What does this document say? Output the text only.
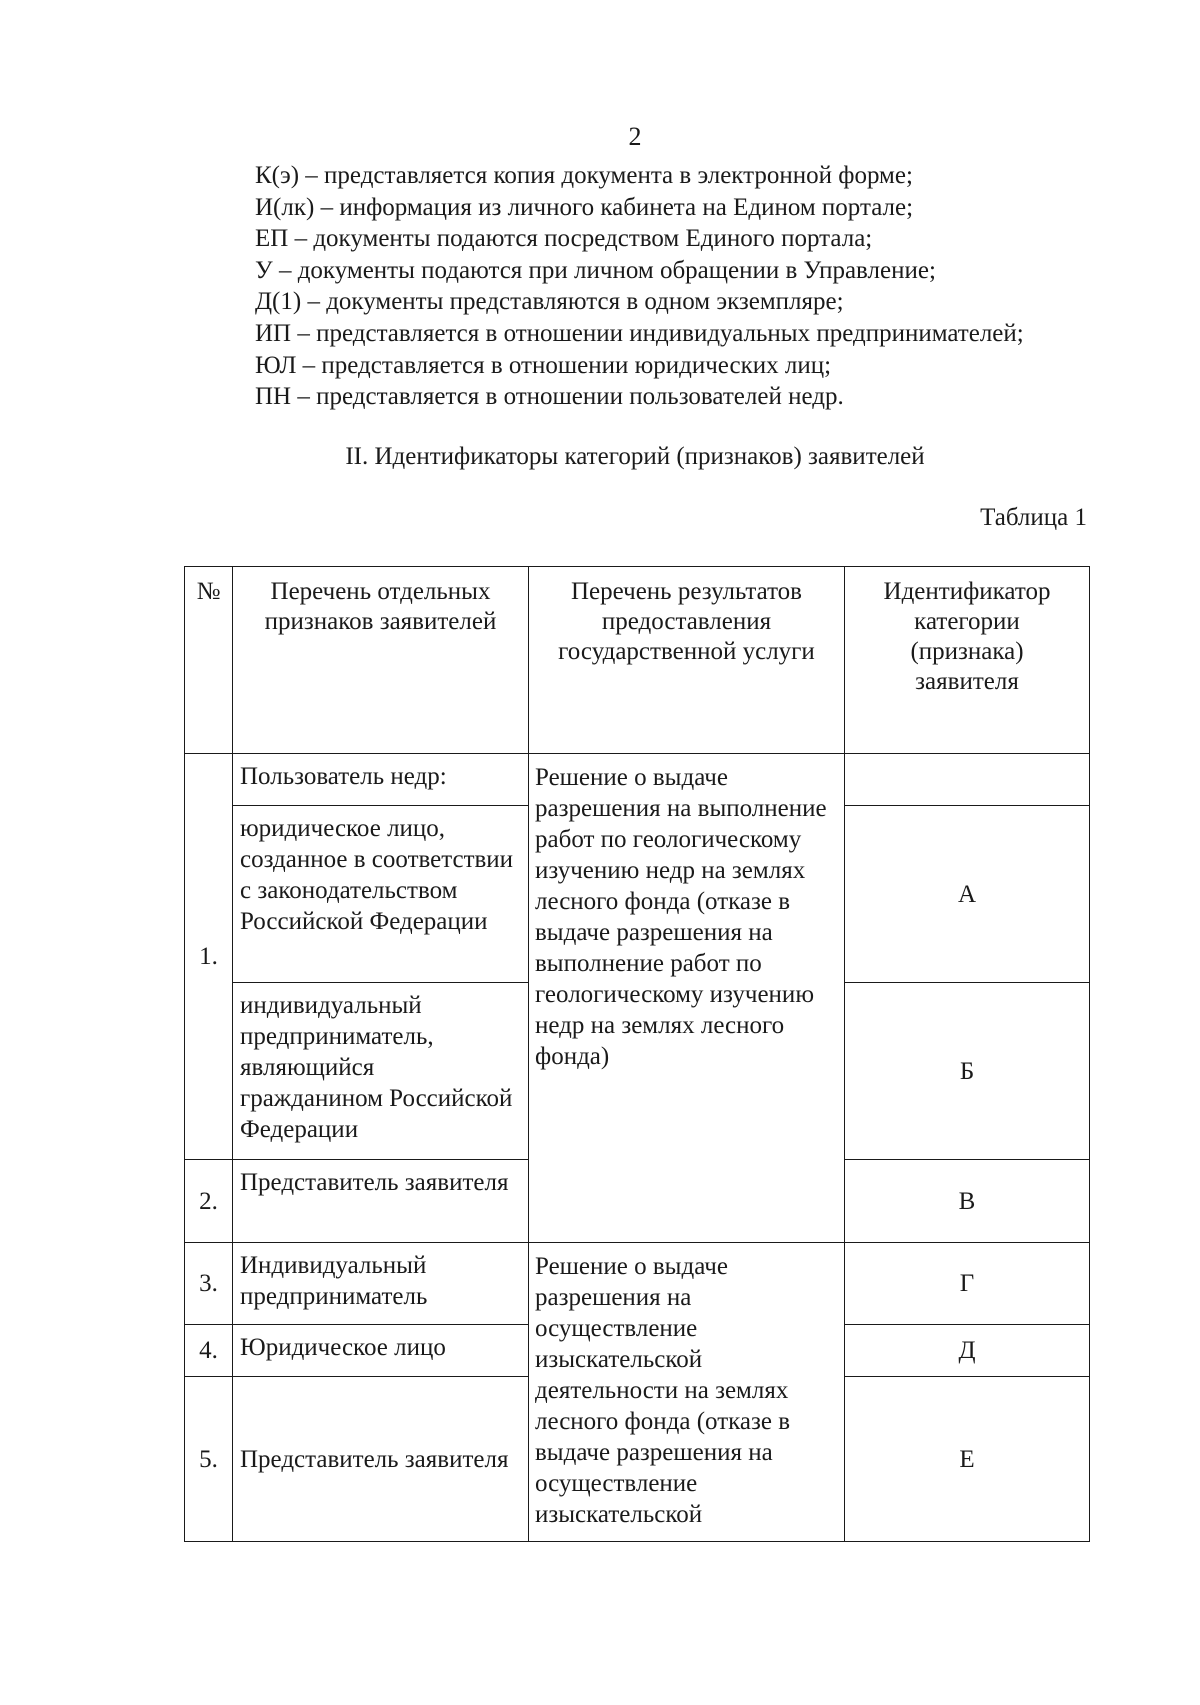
2
К(э) – представляется копия документа в электронной форме;
И(лк) – информация из личного кабинета на Едином портале;
ЕП – документы подаются посредством Единого портала;
У – документы подаются при личном обращении в Управление;
Д(1) – документы представляются в одном экземпляре;
ИП – представляется в отношении индивидуальных предпринимателей;
ЮЛ – представляется в отношении юридических лиц;
ПН – представляется в отношении пользователей недр.
II. Идентификаторы категорий (признаков) заявителей
Таблица 1
№	Перечень отдельных признаков заявителей	Перечень результатов предоставления государственной услуги	Идентификатор категории (признака) заявителя

1.	Пользователь недр:	Решение о выдаче разрешения на выполнение работ по геологическому изучению недр на землях лесного фонда (отказе в выдаче разрешения на выполнение работ по геологическому изучению недр на землях лесного фонда)	
	юридическое лицо, созданное в соответствии с законодательством Российской Федерации		А
	индивидуальный предприниматель, являющийся гражданином Российской Федерации		Б
2.	Представитель заявителя		В
3.	Индивидуальный предприниматель	Решение о выдаче разрешения на осуществление изыскательской деятельности на землях лесного фонда (отказе в выдаче разрешения на осуществление изыскательской	Г
4.	Юридическое лицо		Д
5.	Представитель заявителя		Е
